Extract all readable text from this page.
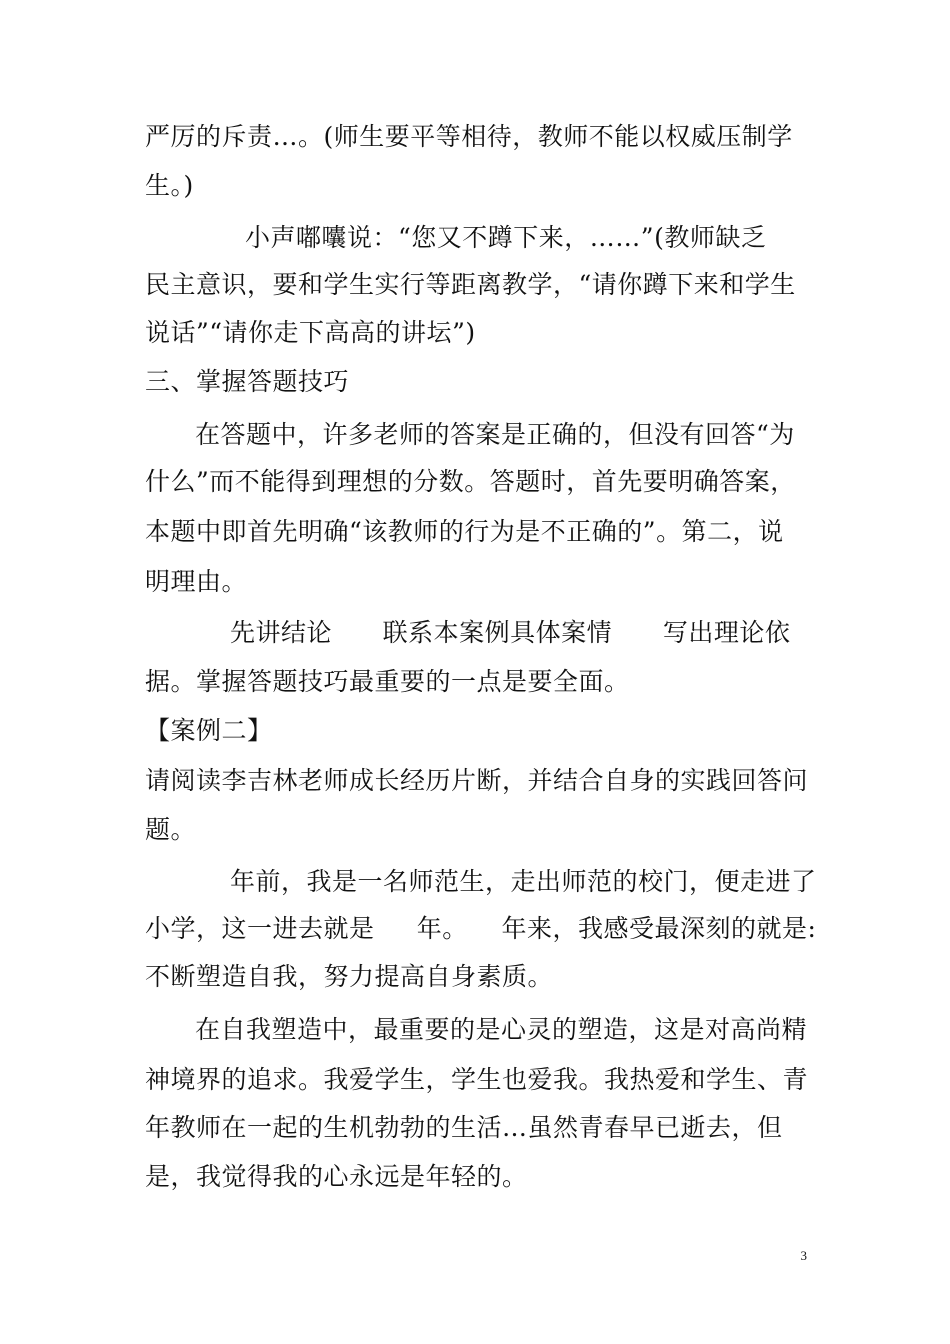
严厉的斥责…。(师生要平等相待，教师不能以权威压制学
生。)
小声嘟囔说：“您又不蹲下来，……”(教师缺乏
民主意识，要和学生实行等距离教学，“请你蹲下来和学生
说话”“请你走下高高的讲坛”)
三、掌握答题技巧
在答题中，许多老师的答案是正确的，但没有回答“为
什么”而不能得到理想的分数。答题时，首先要明确答案，
本题中即首先明确“该教师的行为是不正确的”。第二，说
明理由。
先讲结论      联系本案例具体案情      写出理论依
据。掌握答题技巧最重要的一点是要全面。
【案例二】
请阅读李吉林老师成长经历片断，并结合自身的实践回答问
题。
年前，我是一名师范生，走出师范的校门，便走进了
小学，这一进去就是     年。    年来，我感受最深刻的就是:
不断塑造自我，努力提高自身素质。
在自我塑造中，最重要的是心灵的塑造，这是对高尚精
神境界的追求。我爱学生，学生也爱我。我热爱和学生、青
年教师在一起的生机勃勃的生活…虽然青春早已逝去，但
是，我觉得我的心永远是年轻的。
3
